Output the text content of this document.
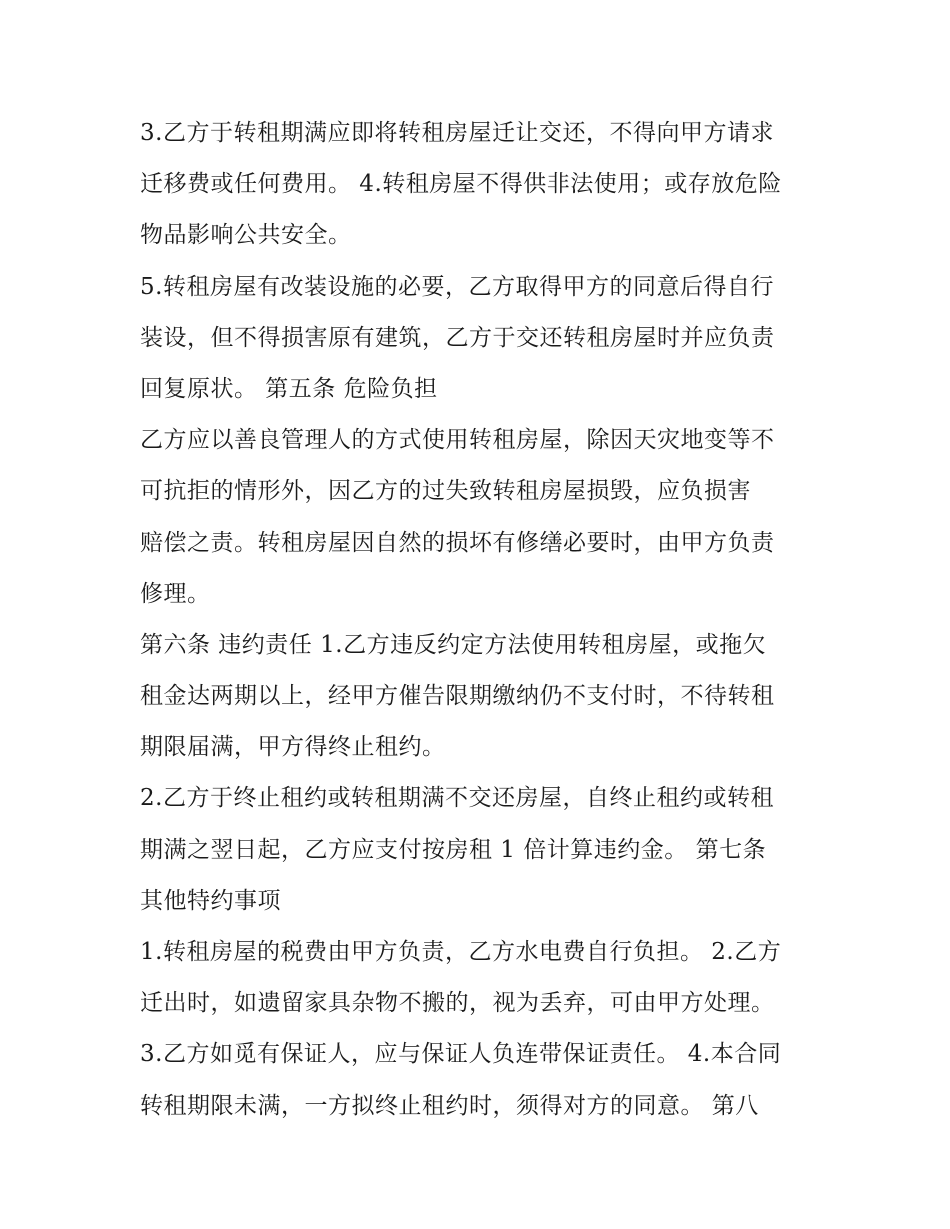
3.乙方于转租期满应即将转租房屋迁让交还，不得向甲方请求
迁移费或任何费用。 4.转租房屋不得供非法使用；或存放危险
物品影响公共安全。
5.转租房屋有改装设施的必要，乙方取得甲方的同意后得自行
装设，但不得损害原有建筑，乙方于交还转租房屋时并应负责
回复原状。 第五条 危险负担
乙方应以善良管理人的方式使用转租房屋，除因天灾地变等不
可抗拒的情形外，因乙方的过失致转租房屋损毁，应负损害
赔偿之责。转租房屋因自然的损坏有修缮必要时，由甲方负责
修理。
第六条 违约责任 1.乙方违反约定方法使用转租房屋，或拖欠
租金达两期以上，经甲方催告限期缴纳仍不支付时，不待转租
期限届满，甲方得终止租约。
2.乙方于终止租约或转租期满不交还房屋，自终止租约或转租
期满之翌日起，乙方应支付按房租 1 倍计算违约金。 第七条
其他特约事项
1.转租房屋的税费由甲方负责，乙方水电费自行负担。 2.乙方
迁出时，如遗留家具杂物不搬的，视为丢弃，可由甲方处理。
3.乙方如觅有保证人，应与保证人负连带保证责任。 4.本合同
转租期限未满，一方拟终止租约时，须得对方的同意。 第八
